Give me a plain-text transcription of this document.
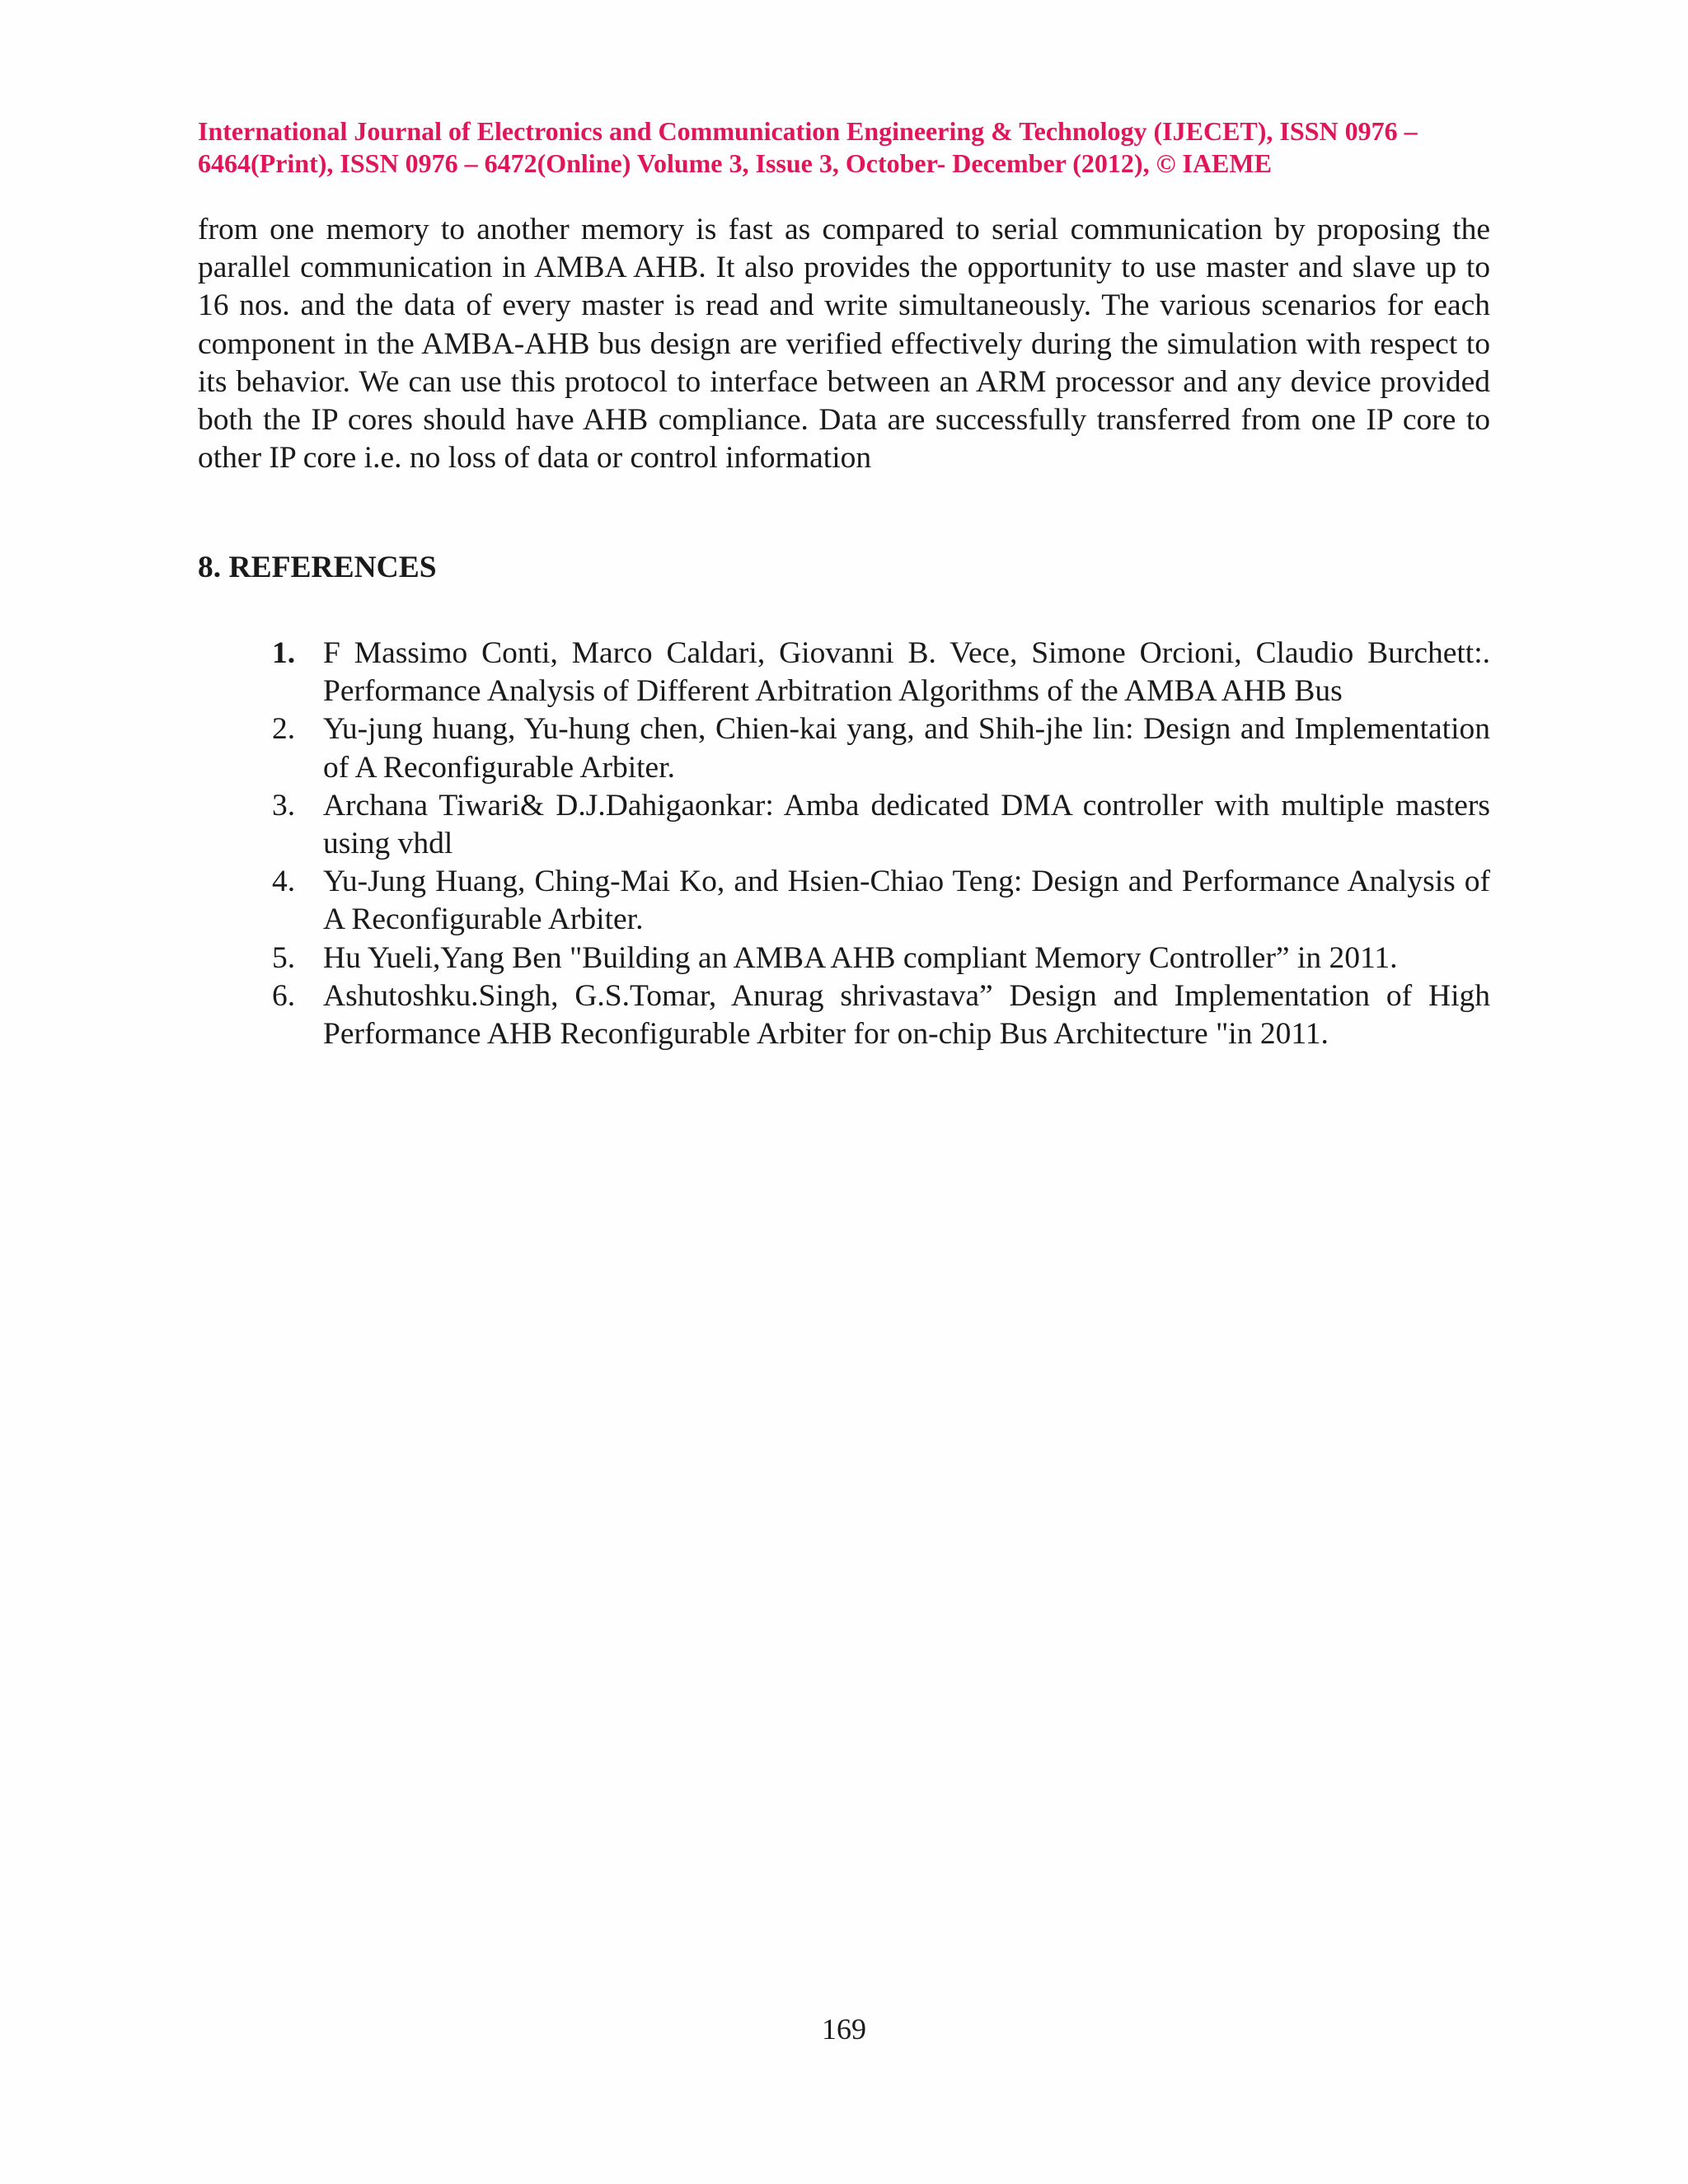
International Journal of Electronics and Communication Engineering & Technology (IJECET), ISSN 0976 – 6464(Print), ISSN 0976 – 6472(Online) Volume 3, Issue 3, October- December (2012), © IAEME

from one memory to another memory is fast as compared to serial communication by proposing the parallel communication in AMBA AHB. It also provides the opportunity to use master and slave up to 16 nos. and the data of every master is read and write simultaneously. The various scenarios for each component in the AMBA-AHB bus design are verified effectively during the simulation with respect to its behavior. We can use this protocol to interface between an ARM processor and any device provided both the IP cores should have AHB compliance. Data are successfully transferred from one IP core to other IP core i.e. no loss of data or control information

8. REFERENCES
1. F Massimo Conti, Marco Caldari, Giovanni B. Vece, Simone Orcioni, Claudio Burchett:. Performance Analysis of Different Arbitration Algorithms of the AMBA AHB Bus
2. Yu-jung huang, Yu-hung chen, Chien-kai yang, and Shih-jhe lin: Design and Implementation of A Reconfigurable Arbiter.
3. Archana Tiwari& D.J.Dahigaonkar: Amba dedicated DMA controller with multiple masters using vhdl
4. Yu-Jung Huang, Ching-Mai Ko, and Hsien-Chiao Teng: Design and Performance Analysis of A Reconfigurable Arbiter.
5. Hu Yueli,Yang Ben "Building an AMBA AHB compliant Memory Controller” in 2011.
6. Ashutoshku.Singh, G.S.Tomar, Anurag shrivastava” Design and Implementation of High Performance AHB Reconfigurable Arbiter for on-chip Bus Architecture "in 2011.
169
